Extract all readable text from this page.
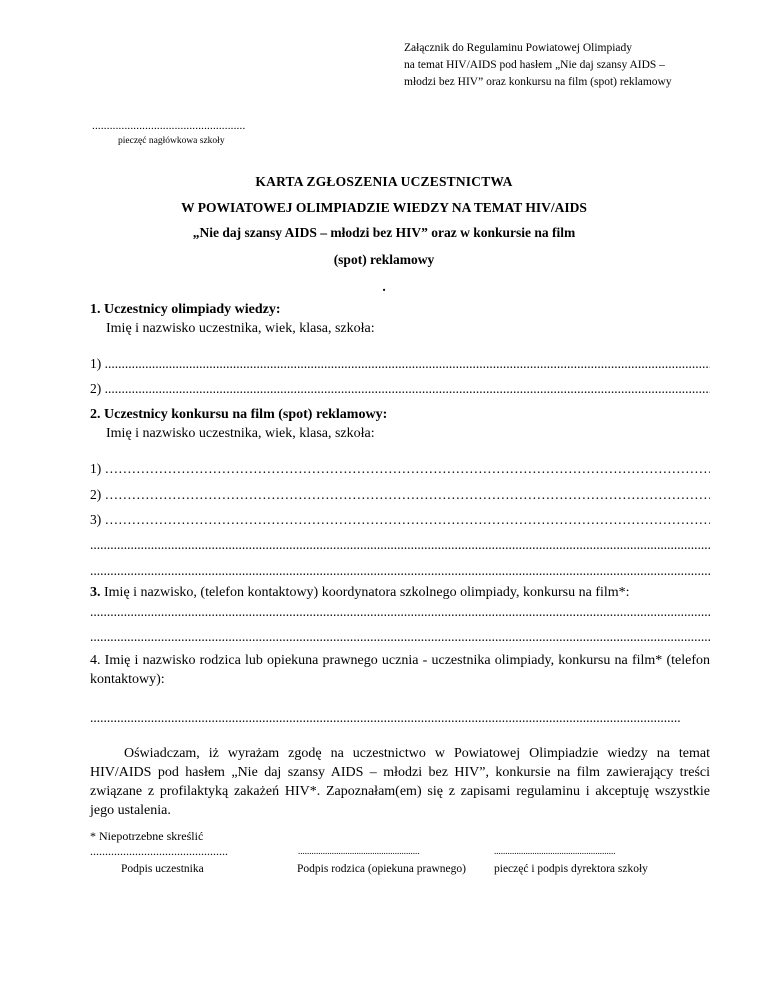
Załącznik do Regulaminu Powiatowej Olimpiady
na temat HIV/AIDS pod hasłem „Nie daj szansy AIDS –
młodzi bez HIV” oraz konkursu na film (spot) reklamowy
....................................................
pieczęć nagłówkowa szkoły
KARTA ZGŁOSZENIA UCZESTNICTWA
W POWIATOWEJ OLIMPIADZIE WIEDZY NA TEMAT HIV/AIDS
„Nie daj szansy AIDS – młodzi bez HIV” oraz w konkursie na film
(spot) reklamowy
.
1. Uczestnicy olimpiady wiedzy:
Imię i nazwisko uczestnika, wiek, klasa, szkoła:
1) .....
2) .....
2. Uczestnicy konkursu na film (spot) reklamowy:
Imię i nazwisko uczestnika, wiek, klasa, szkoła:
1) ……………………………………………………………………………………………………………………………………………
2) ……………………………………………………………………………………………………………………………………………
3) ……………………………………………………………………………………………………………………………………………
.....
.....
3. Imię i nazwisko, (telefon kontaktowy) koordynatora szkolnego olimpiady, konkursu na film*:
.....
.....
4. Imię i nazwisko rodzica lub opiekuna prawnego ucznia - uczestnika olimpiady, konkursu na film* (telefon kontaktowy):
.....
Oświadczam, iż wyrażam zgodę na uczestnictwo w Powiatowej Olimpiadzie wiedzy na temat HIV/AIDS pod hasłem „Nie daj szansy AIDS – młodzi bez HIV”, konkursie na film zawierający treści związane z profilaktyką zakażeń HIV*. Zapoznałam(em) się z zapisami regulaminu i akceptuję wszystkie jego ustalenia.
* Niepotrzebne skreślić
..............................................
Podpis uczestnika
......................................................
Podpis rodzica (opiekuna prawnego)
......................................................
pieczęć i podpis dyrektora szkoły
